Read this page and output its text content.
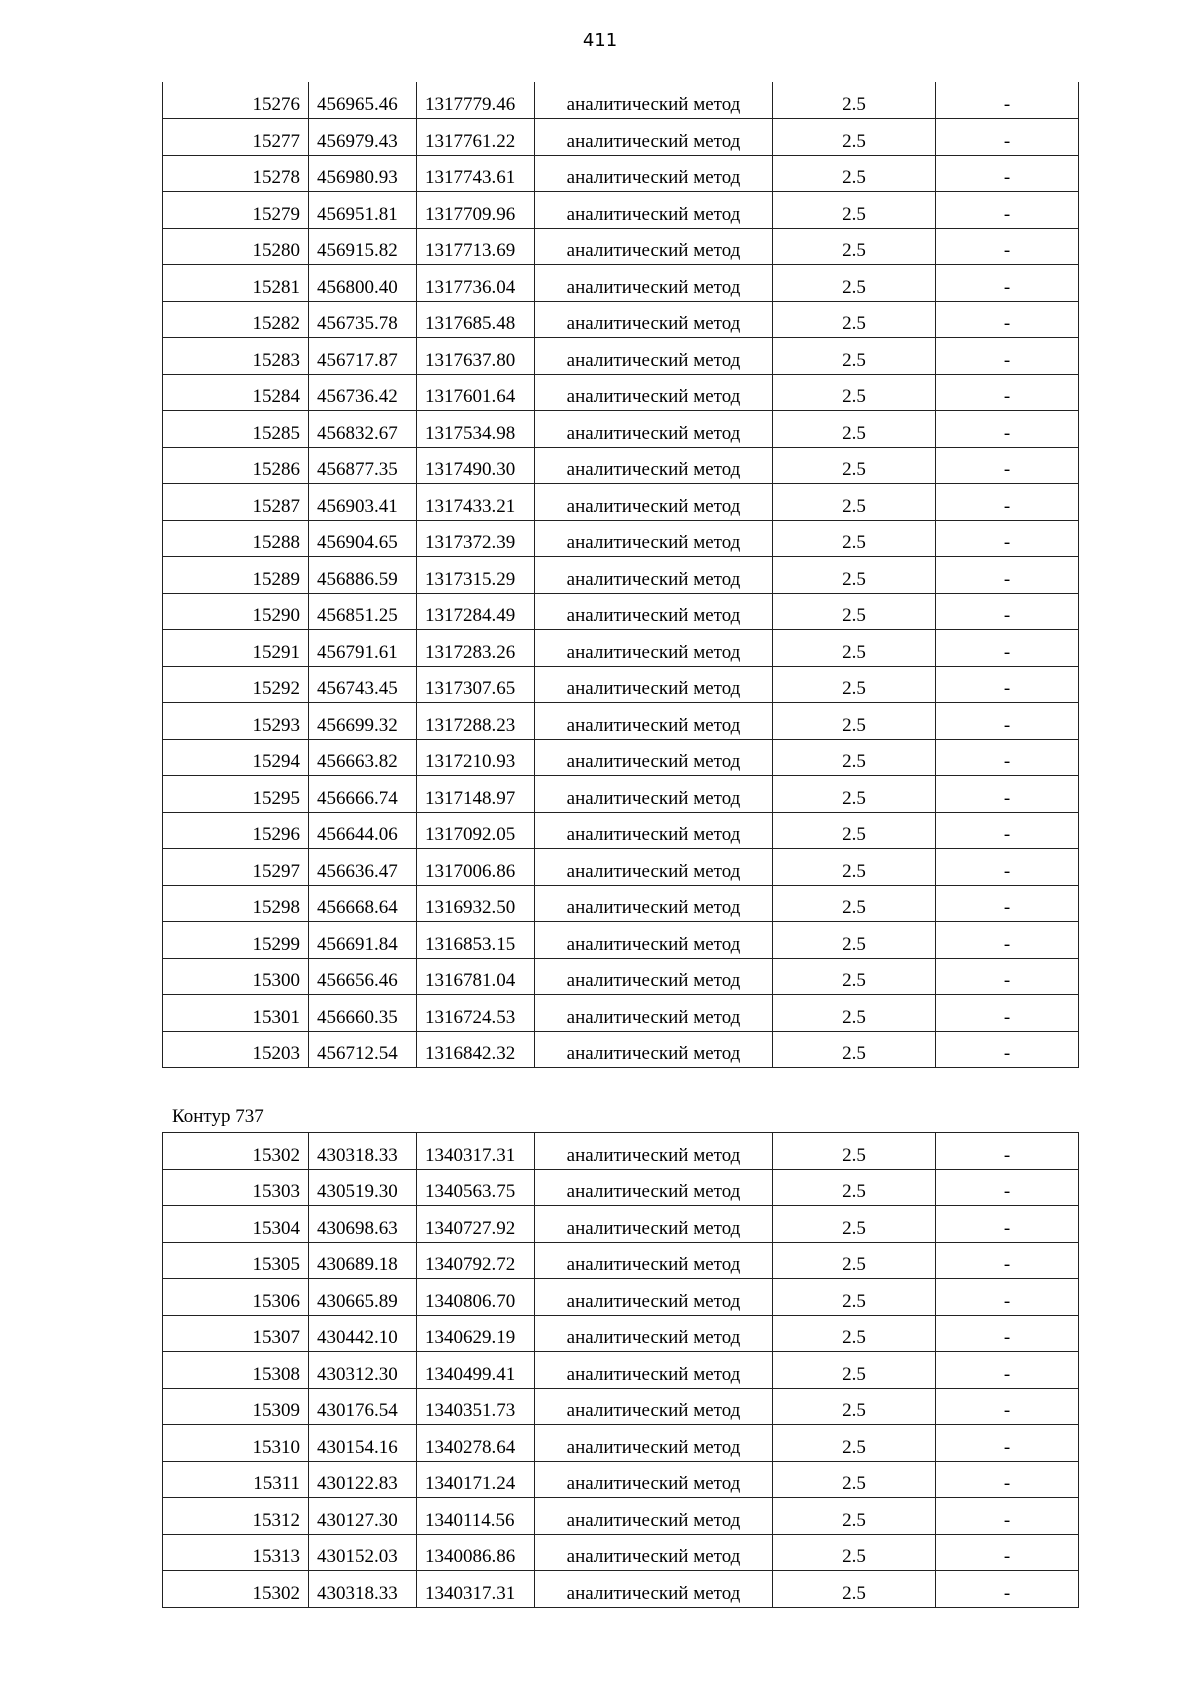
411
15276	456965.46	1317779.46	аналитический метод	2.5	-
15277	456979.43	1317761.22	аналитический метод	2.5	-
15278	456980.93	1317743.61	аналитический метод	2.5	-
15279	456951.81	1317709.96	аналитический метод	2.5	-
15280	456915.82	1317713.69	аналитический метод	2.5	-
15281	456800.40	1317736.04	аналитический метод	2.5	-
15282	456735.78	1317685.48	аналитический метод	2.5	-
15283	456717.87	1317637.80	аналитический метод	2.5	-
15284	456736.42	1317601.64	аналитический метод	2.5	-
15285	456832.67	1317534.98	аналитический метод	2.5	-
15286	456877.35	1317490.30	аналитический метод	2.5	-
15287	456903.41	1317433.21	аналитический метод	2.5	-
15288	456904.65	1317372.39	аналитический метод	2.5	-
15289	456886.59	1317315.29	аналитический метод	2.5	-
15290	456851.25	1317284.49	аналитический метод	2.5	-
15291	456791.61	1317283.26	аналитический метод	2.5	-
15292	456743.45	1317307.65	аналитический метод	2.5	-
15293	456699.32	1317288.23	аналитический метод	2.5	-
15294	456663.82	1317210.93	аналитический метод	2.5	-
15295	456666.74	1317148.97	аналитический метод	2.5	-
15296	456644.06	1317092.05	аналитический метод	2.5	-
15297	456636.47	1317006.86	аналитический метод	2.5	-
15298	456668.64	1316932.50	аналитический метод	2.5	-
15299	456691.84	1316853.15	аналитический метод	2.5	-
15300	456656.46	1316781.04	аналитический метод	2.5	-
15301	456660.35	1316724.53	аналитический метод	2.5	-
15203	456712.54	1316842.32	аналитический метод	2.5	-
Контур 737
15302	430318.33	1340317.31	аналитический метод	2.5	-
15303	430519.30	1340563.75	аналитический метод	2.5	-
15304	430698.63	1340727.92	аналитический метод	2.5	-
15305	430689.18	1340792.72	аналитический метод	2.5	-
15306	430665.89	1340806.70	аналитический метод	2.5	-
15307	430442.10	1340629.19	аналитический метод	2.5	-
15308	430312.30	1340499.41	аналитический метод	2.5	-
15309	430176.54	1340351.73	аналитический метод	2.5	-
15310	430154.16	1340278.64	аналитический метод	2.5	-
15311	430122.83	1340171.24	аналитический метод	2.5	-
15312	430127.30	1340114.56	аналитический метод	2.5	-
15313	430152.03	1340086.86	аналитический метод	2.5	-
15302	430318.33	1340317.31	аналитический метод	2.5	-
